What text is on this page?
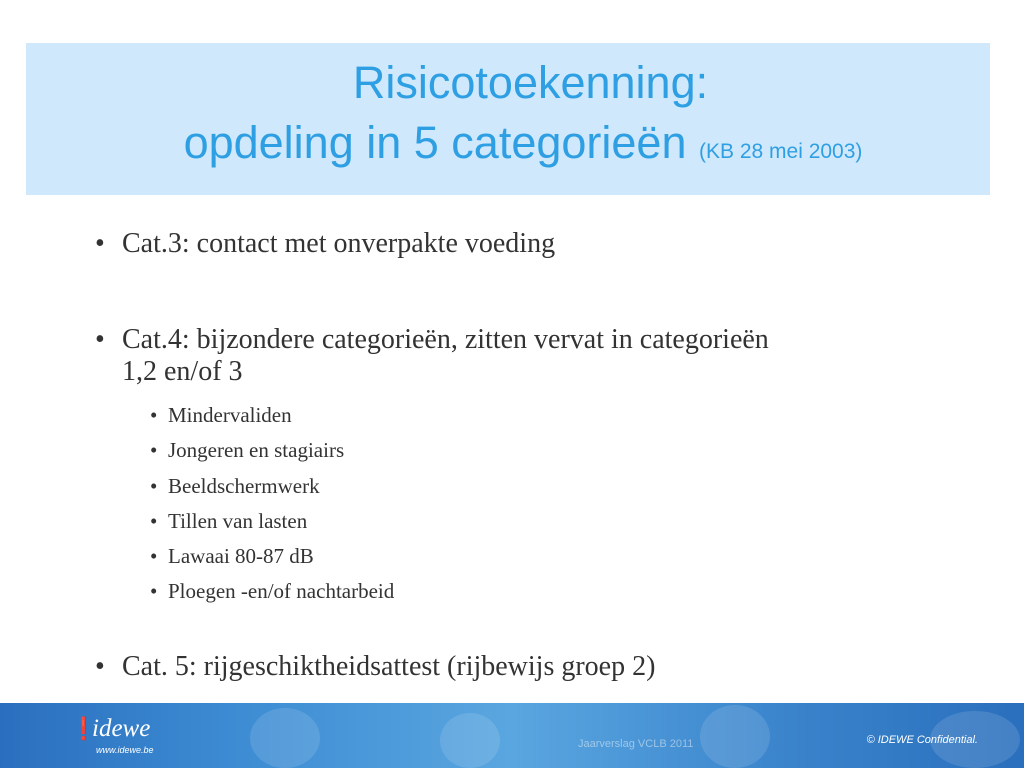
Risicotoekenning:
opdeling in 5 categorieën (KB 28 mei 2003)
• Cat.3: contact met onverpakte voeding
• Cat.4: bijzondere categorieën, zitten vervat in categorieën
1,2 en/of 3
• Mindervaliden
• Jongeren en stagiairs
• Beeldschermwerk
• Tillen van lasten
• Lawaai 80-87 dB
• Ploegen -en/of nachtarbeid
• Cat. 5: rijgeschiktheidsattest (rijbewijs groep 2)
❗
idewe
www.idewe.be	Jaarverslag VCLB 2011	© IDEWE Confidential.
